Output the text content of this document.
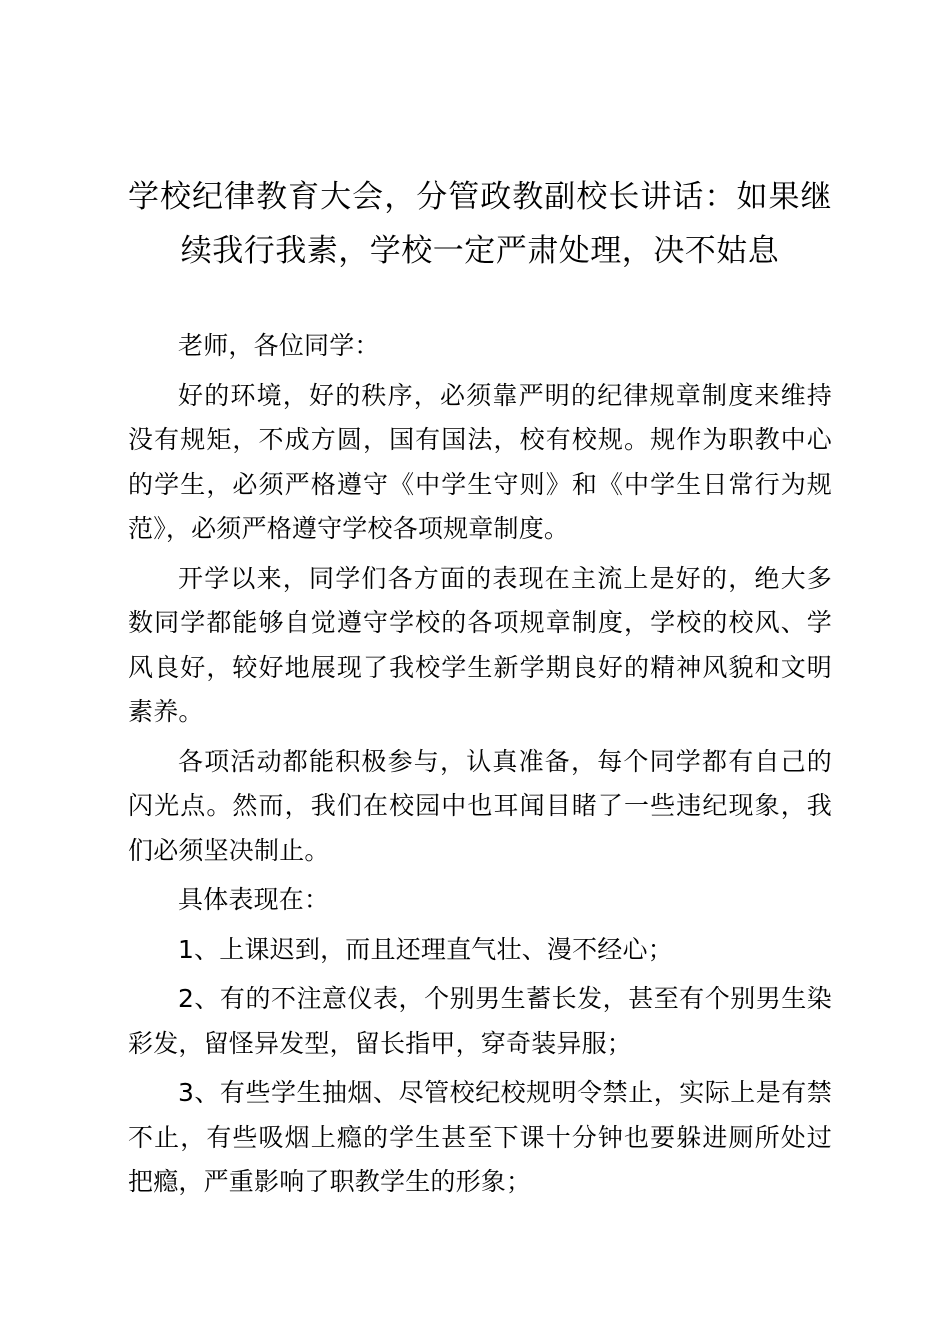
学校纪律教育大会，分管政教副校长讲话：如果继续我行我素，学校一定严肃处理，决不姑息

老师，各位同学：

好的环境，好的秩序，必须靠严明的纪律规章制度来维持没有规矩，不成方圆，国有国法，校有校规。规作为职教中心的学生，必须严格遵守《中学生守则》和《中学生日常行为规范》，必须严格遵守学校各项规章制度。

开学以来，同学们各方面的表现在主流上是好的，绝大多数同学都能够自觉遵守学校的各项规章制度，学校的校风、学风良好，较好地展现了我校学生新学期良好的精神风貌和文明素养。

各项活动都能积极参与，认真准备，每个同学都有自己的闪光点。然而，我们在校园中也耳闻目睹了一些违纪现象，我们必须坚决制止。

具体表现在：

1、上课迟到，而且还理直气壮、漫不经心；

2、有的不注意仪表，个别男生蓄长发，甚至有个别男生染彩发，留怪异发型，留长指甲，穿奇装异服；

3、有些学生抽烟、尽管校纪校规明令禁止，实际上是有禁不止，有些吸烟上瘾的学生甚至下课十分钟也要躲进厕所处过把瘾，严重影响了职教学生的形象；
